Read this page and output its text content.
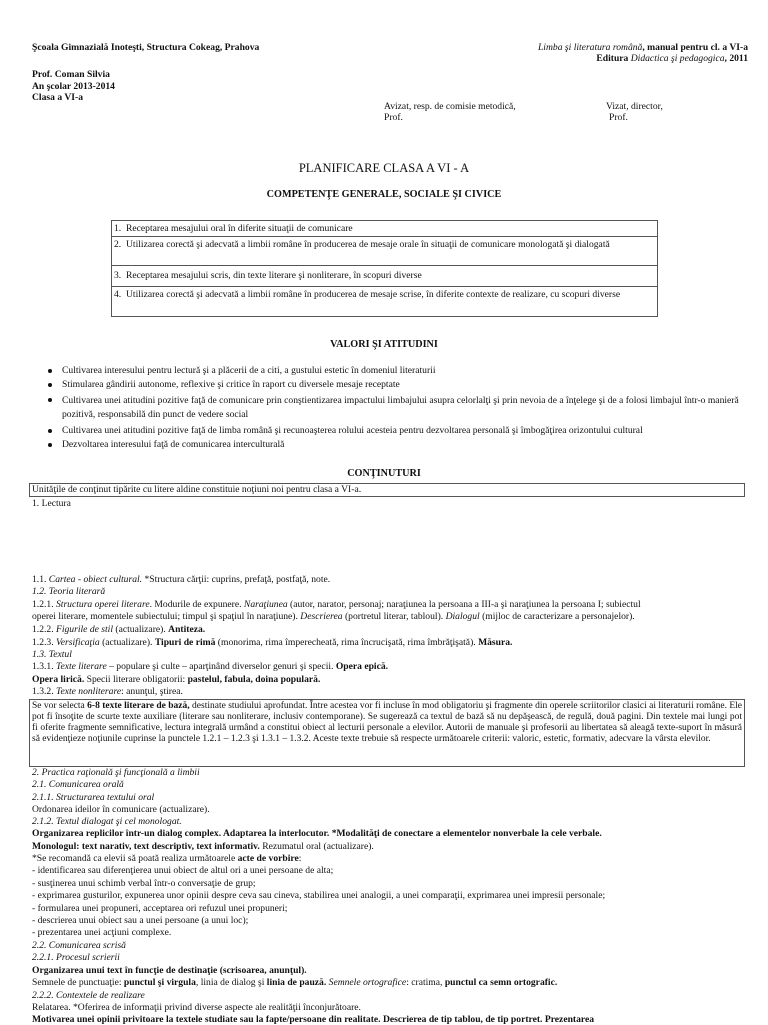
Şcoala Gimnazială Inoteşti, Structura Cokeag, Prahova
Prof. Coman Silvia
An şcolar 2013-2014
Clasa a VI-a
Limba şi literatura română, manual pentru cl. a VI-a
Editura Didactica şi pedagogica, 2011
Avizat, resp. de comisie metodică,
Prof.
Vizat, director,
Prof.
PLANIFICARE CLASA A VI - A
COMPETENŢE GENERALE, SOCIALE ŞI CIVICE
1. Receptarea mesajului oral în diferite situaţii de comunicare
2. Utilizarea corectă şi adecvată a limbii române în producerea de mesaje orale în situaţii de comunicare monologată şi dialogată
3. Receptarea mesajului scris, din texte literare şi nonliterare, în scopuri diverse
4. Utilizarea corectă şi adecvată a limbii române în producerea de mesaje scrise, în diferite contexte de realizare, cu scopuri diverse
VALORI ŞI ATITUDINI
Cultivarea interesului pentru lectură şi a plăcerii de a citi, a gustului estetic în domeniul literaturii
Stimularea gândirii autonome, reflexive şi critice în raport cu diversele mesaje receptate
Cultivarea unei atitudini pozitive faţă de comunicare prin conştientizarea impactului limbajului asupra celorlalţi şi prin nevoia de a înţelege şi de a folosi limbajul într-o manieră pozitivă, responsabilă din punct de vedere social
Cultivarea unei atitudini pozitive faţă de limba română şi recunoaşterea rolului acesteia pentru dezvoltarea personală şi îmbogăţirea orizontului cultural
Dezvoltarea interesului faţă de comunicarea interculturală
CONŢINUTURI
Unităţile de conţinut tipărite cu litere aldine constituie noţiuni noi pentru clasa a VI-a.
1. Lectura
1.1. Cartea - obiect cultural. *Structura cărţii: cuprins, prefaţă, postfaţă, note.
1.2. Teoria literară
1.2.1. Structura operei literare. Modurile de expunere. Naraţiunea (autor, narator, personaj; naraţiunea la persoana a III-a şi naraţiunea la persoana I; subiectul
operei literare, momentele subiectului; timpul şi spaţiul în naraţiune). Descrierea (portretul literar, tabloul). Dialogul (mijloc de caracterizare a personajelor).
1.2.2. Figurile de stil (actualizare). Antiteza.
1.2.3. Versificaţia (actualizare). Tipuri de rimă (monorima, rima împerecheată, rima încrucişată, rima îmbrăţişată). Măsura.
1.3. Textul
1.3.1. Texte literare – populare şi culte – aparţinând diverselor genuri şi specii. Opera epică.
Opera lirică. Specii literare obligatorii: pastelul, fabula, doina populară.
1.3.2. Texte nonliterare: anunţul, ştirea.
Se vor selecta 6-8 texte literare de bază, destinate studiului aprofundat. Între acestea vor fi incluse în mod obligatoriu şi fragmente din operele scriitorilor clasici ai literaturii române. Ele pot fi însoţite de scurte texte auxiliare (literare sau nonliterare, inclusiv contemporane). Se sugerează ca textul de bază să nu depăşească, de regulă, două pagini. Din textele mai lungi pot fi oferite fragmente semnificative, lectura integrală urmând a constitui obiect al lecturii personale a elevilor. Autorii de manuale şi profesorii au libertatea să aleagă texte-suport în măsură să evidenţieze noţiunile cuprinse la punctele 1.2.1 – 1.2.3 şi 1.3.1 – 1.3.2. Aceste texte trebuie să respecte următoarele criterii: valoric, estetic, formativ, adecvare la vârsta elevilor.
2. Practica raţională şi funcţională a limbii
2.1. Comunicarea orală
2.1.1. Structurarea textului oral
Ordonarea ideilor în comunicare (actualizare).
2.1.2. Textul dialogat şi cel monologat.
Organizarea replicilor într-un dialog complex. Adaptarea la interlocutor. *Modalităţi de conectare a elementelor nonverbale la cele verbale.
Monologul: text narativ, text descriptiv, text informativ. Rezumatul oral (actualizare).
*Se recomandă ca elevii să poată realiza următoarele acte de vorbire:
- identificarea sau diferenţierea unui obiect de altul ori a unei persoane de alta;
- susţinerea unui schimb verbal într-o conversaţie de grup;
- exprimarea gusturilor, expunerea unor opinii despre ceva sau cineva, stabilirea unei analogii, a unei comparaţii, exprimarea unei impresii personale;
- formularea unei propuneri, acceptarea ori refuzul unei propuneri;
- descrierea unui obiect sau a unei persoane (a unui loc);
- prezentarea unei acţiuni complexe.
2.2. Comunicarea scrisă
2.2.1. Procesul scrierii
Organizarea unui text în funcţie de destinaţie (scrisoarea, anunţul).
Semnele de punctuaţie: punctul şi virgula, linia de dialog şi linia de pauză. Semnele ortografice: cratima, punctul ca semn ortografic.
2.2.2. Contextele de realizare
Relatarea. *Oferirea de informaţii privind diverse aspecte ale realităţii înconjurătoare.
Motivarea unei opinii privitoare la textele studiate sau la fapte/persoane din realitate. Descrierea de tip tablou, de tip portret. Prezentarea
